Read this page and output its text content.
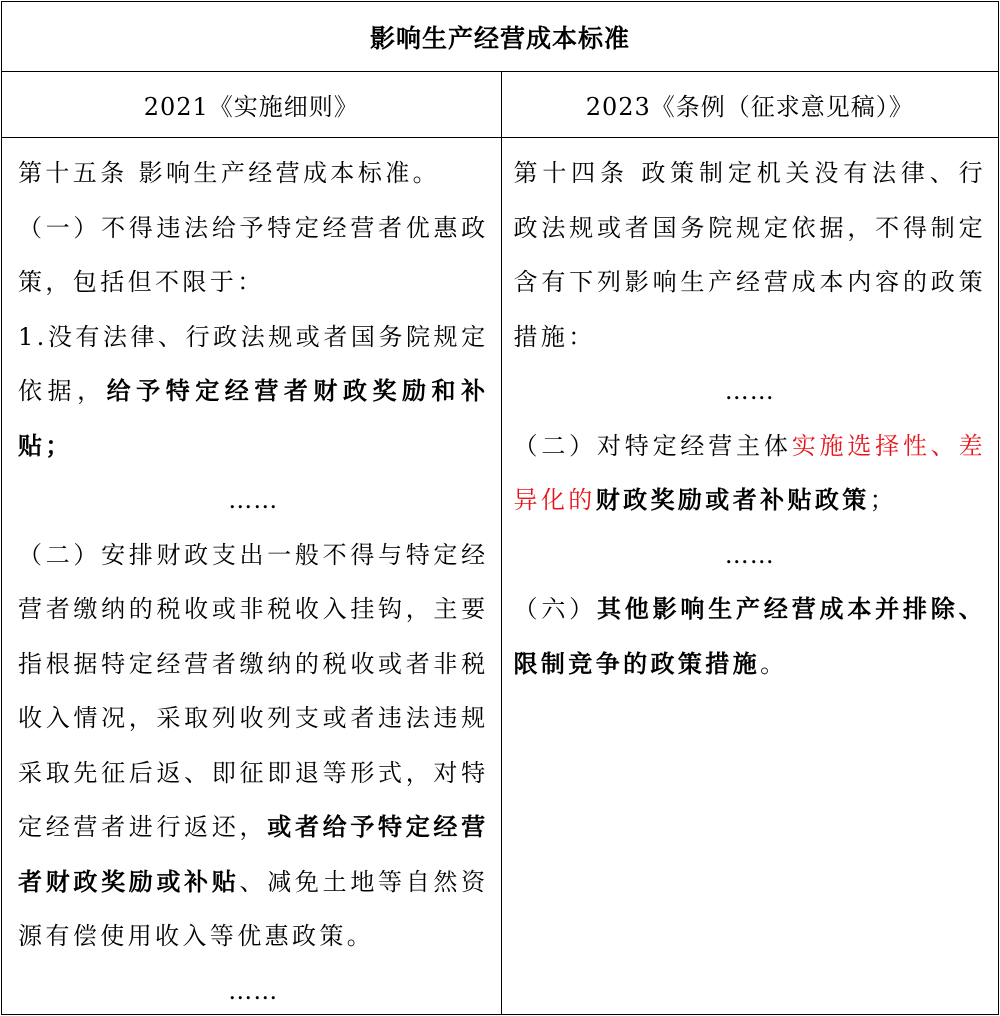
影响生产经营成本标准
2021《实施细则》	2023《条例（征求意见稿）》

第十五条 影响生产经营成本标准。

（一）不得违法给予特定经营者优惠政策，包括但不限于：

1.没有法律、行政法规或者国务院规定依据，给予特定经营者财政奖励和补贴；

……

（二）安排财政支出一般不得与特定经营者缴纳的税收或非税收入挂钩，主要指根据特定经营者缴纳的税收或者非税收入情况，采取列收列支或者违法违规采取先征后返、即征即退等形式，对特定经营者进行返还，或者给予特定经营者财政奖励或补贴、减免土地等自然资源有偿使用收入等优惠政策。

……

第十四条 政策制定机关没有法律、行政法规或者国务院规定依据，不得制定含有下列影响生产经营成本内容的政策措施：

……

（二）对特定经营主体实施选择性、差异化的财政奖励或者补贴政策；

……

（六）其他影响生产经营成本并排除、限制竞争的政策措施。
